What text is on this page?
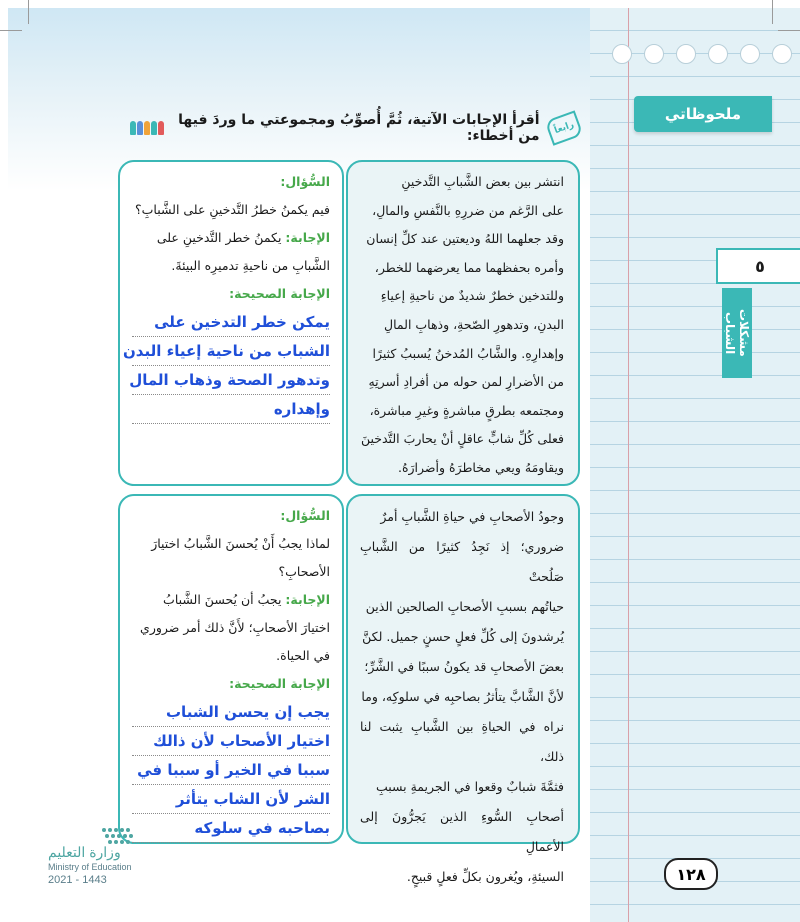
ملحوظاتي
٥
مشكلات الشباب
رابعاً
أقرأ الإجابات الآتية، ثُمَّ أُصوِّبُ ومجموعتي ما وردَ فيها من أخطاء:
انتشر بين بعض الشَّبابِ التَّدخينِ
على الرَّغم من ضررِهِ بالنَّفسِ والمالِ،
وقد جعلهما اللهُ وديعتين عند كلِّ إنسان
وأمره بحفظهما مما يعرضهما للخطر،
وللتدخين خطرٌ شديدٌ من ناحيةِ إعياءِ
البدنِ، وتدهورِ الصّحةِ، وذهابِ المالِ
وإهدارِهِ. والشَّابُ المُدخنُ يُسببُ كثيرًا
من الأضرارِ لمن حوله من أفرادِ أسرتِهِ
ومجتمعه بطرقٍ مباشرةٍ وغيرِ مباشرة،
فعلى كُلِّ شابٍّ عاقلٍ أنْ يحاربَ التَّدخينَ
ويقاومَهُ ويعي مخاطرَهُ وأضرارَهُ.
السُّؤال:
فيم يكمنُ خطرُ التَّدخينِ على الشَّبابِ؟
الإجابة: يكمنُ خطر التَّدخينِ على الشَّبابِ من ناحيةِ تدميرِه البيئةَ.
الإجابة الصحيحة:
يمكن خطر التدخين على
الشباب من ناحية إعياء البدن
وتدهور الصحة وذهاب المال
وإهداره
وجودُ الأصحابِ في حياةِ الشَّبابِ أمرٌ
ضروري؛ إذ نَجِدُ كثيرًا من الشَّبابِ صَلُحتْ
حياتُهم بسببِ الأصحابِ الصالحين الذين
يُرشدونَ إلى كُلِّ فعلٍ حسنٍ جميل. لكنَّ
بعضَ الأصحابِ قد يكونُ سببًا في الشَّرِّ؛
لأنَّ الشَّابَّ يتأثرُ بصاحبِه في سلوكِه، وما
نراه في الحياةِ بين الشَّبابِ يثبت لنا ذلك،
فثمَّةَ شبابٌ وقعوا في الجريمةِ بسببِ
أصحابِ السُّوءِ الذين يَجرُّونَ إلى الأعمالِ
السيئةِ، ويُغرون بكلِّ فعلٍ قبيحٍ.
السُّؤال:
لماذا يجبُ أَنْ يُحسنَ الشَّبابُ اختيارَ الأصحابِ؟
الإجابة: يجبُ أن يُحسنَ الشَّبابُ اختيارَ الأصحابِ؛ لأَنَّ ذلك أمر ضروري في الحياة.
الإجابة الصحيحة:
يجب إن يحسن الشباب
اختيار الأصحاب لأن ذالك
سببا في الخير أو سببا في
الشر لأن الشاب يتأثر
بصاحبه في سلوكه
١٢٨
وزارة التعليم
Ministry of Education
2021 - 1443
